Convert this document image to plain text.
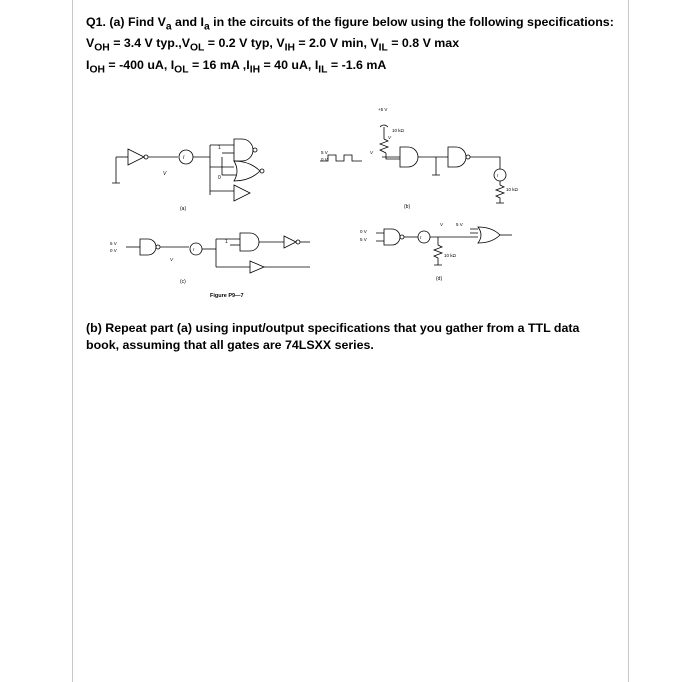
Q1. (a) Find $V_a$ and $I_a$ in the circuits of the figure below using the following specifications:
$V_{OH} = 3.4$ V $typ.,V_{OL} = 0.2$ V typ, $V_{IH} = 2.0$ V min, $V_{IL} = 0.8$ V max
$I_{OH} = -400$ uA, $I_{OL} = 16$ mA $,I_{IH} = 40$ uA, $I_{IL} = -1.6$ mA
1
0
V
I
(a)
+5 V
10 kΩ
5 V
0 V
V
V
I
10 kΩ
(b)
5 V
0 V
1
I
V
(c)
0 V
5 V	I
V	5 V
10 kΩ
(d)
Figure P9—7
(b) Repeat part (a) using input/output specifications that you gather from a TTL data
book, assuming that all gates are 74LSXX series.
